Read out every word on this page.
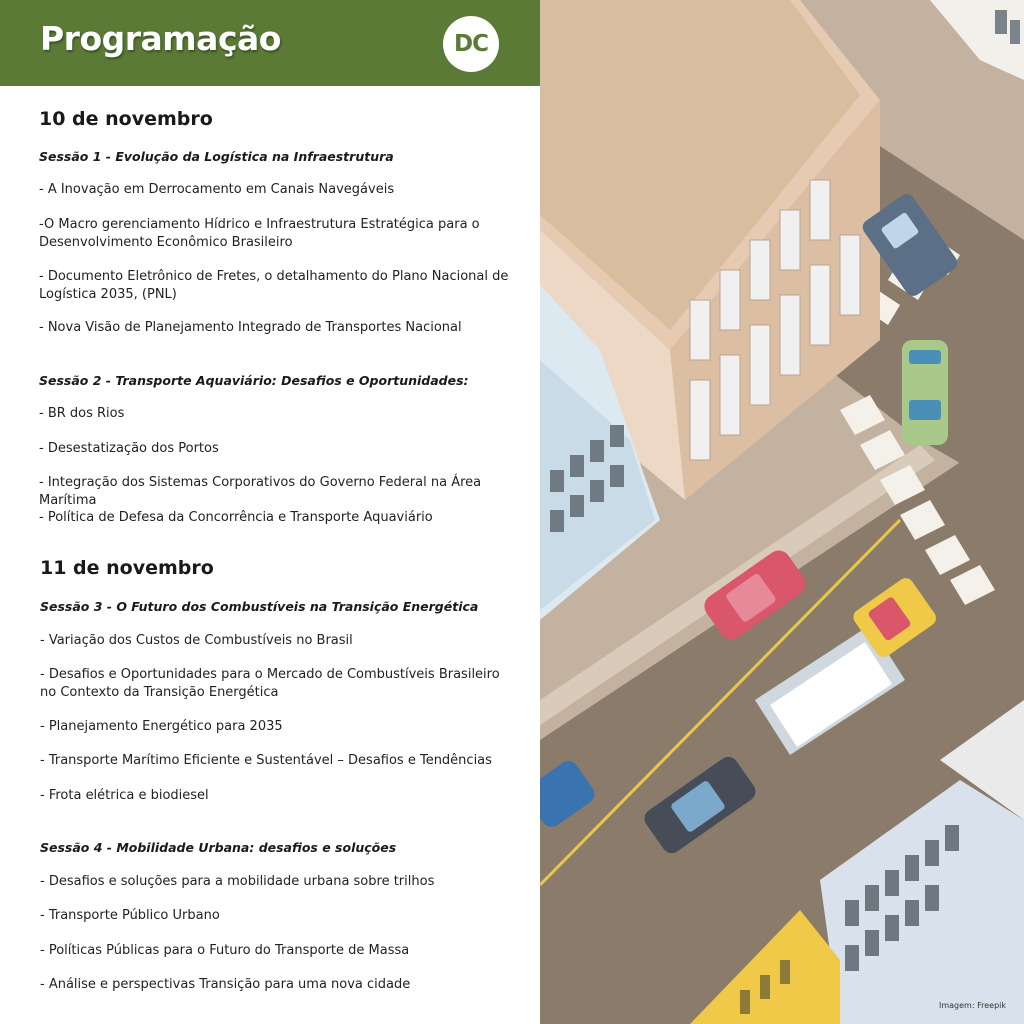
Programação	DC
10 de novembro
Sessão 1 - Evolução da Logística na Infraestrutura
- A Inovação em Derrocamento em Canais Navegáveis
-O Macro gerenciamento Hídrico e Infraestrutura Estratégica para o Desenvolvimento Econômico Brasileiro
- Documento Eletrônico de Fretes, o detalhamento do Plano Nacional de Logística 2035, (PNL)
- Nova Visão de Planejamento Integrado de Transportes Nacional
Sessão 2 - Transporte Aquaviário: Desafios e Oportunidades:
- BR dos Rios
- Desestatização dos Portos
- Integração dos Sistemas Corporativos do Governo Federal na Área Marítima
- Política de Defesa da Concorrência e Transporte Aquaviário
11 de novembro
Sessão 3 - O Futuro dos Combustíveis na Transição Energética
- Variação dos Custos de Combustíveis no Brasil
- Desafios e Oportunidades para o Mercado de Combustíveis Brasileiro no Contexto da Transição Energética
- Planejamento Energético para 2035
- Transporte Marítimo Eficiente e Sustentável – Desafios e Tendências
- Frota elétrica e biodiesel
Sessão 4 - Mobilidade Urbana: desafios e soluções
- Desafios e soluções para a mobilidade urbana sobre trilhos
- Transporte Público Urbano
- Políticas Públicas para o Futuro do Transporte de Massa
- Análise e perspectivas Transição para uma nova cidade
Imagem: Freepik
